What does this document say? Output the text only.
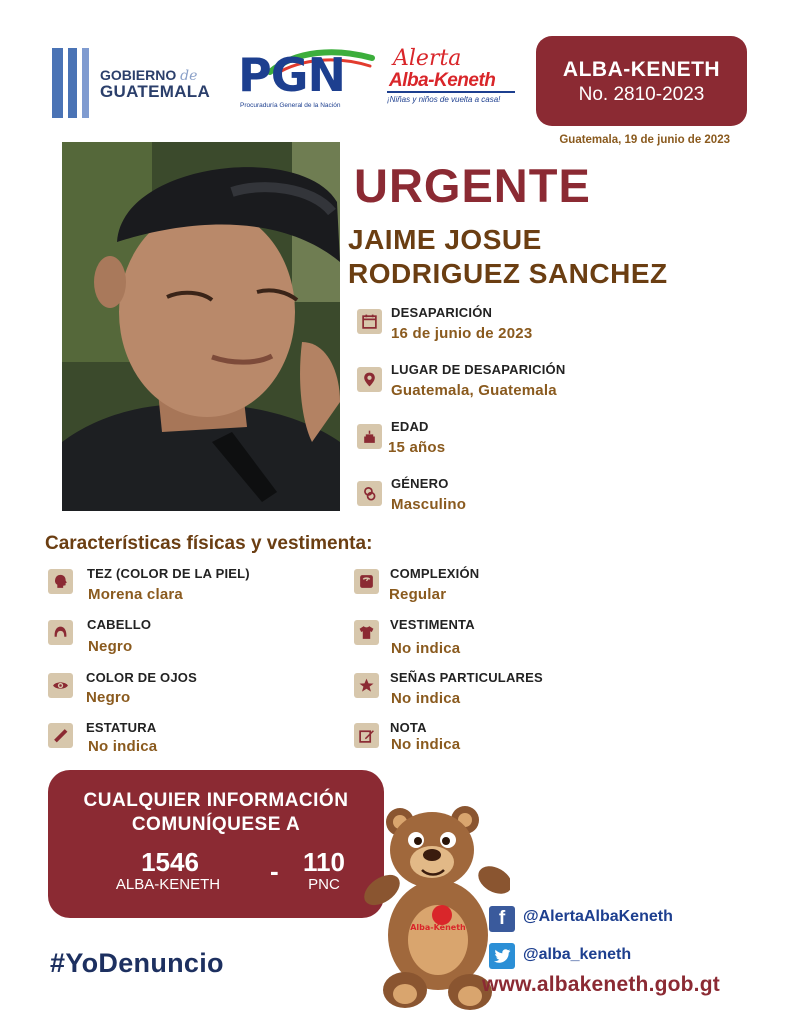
GOBIERNO de
GUATEMALA PGN
Procuraduría General de la Nación
Alerta
Alba-Keneth
¡Niñas y niños de vuelta a casa!
ALBA-KENETH
No. 2810-2023
Guatemala, 19 de junio de 2023
URGENTE
JAIME JOSUE
RODRIGUEZ SANCHEZ
DESAPARICIÓN
16 de junio de 2023
LUGAR DE DESAPARICIÓN
Guatemala, Guatemala
EDAD
15 años
GÉNERO
Masculino
Características físicas y vestimenta:
TEZ (COLOR DE LA PIEL)
Morena clara
CABELLO
Negro
COLOR DE OJOS
Negro
ESTATURA
No indica
COMPLEXIÓN
Regular
VESTIMENTA
No indica
SEÑAS PARTICULARES
No indica
NOTA
No indica
CUALQUIER INFORMACIÓN
COMUNÍQUESE A
1546
ALBA-KENETH	- 110
PNC
Alba-Keneth
#YoDenuncio
f	@AlertaAlbaKeneth
@alba_keneth
www.albakeneth.gob.gt
